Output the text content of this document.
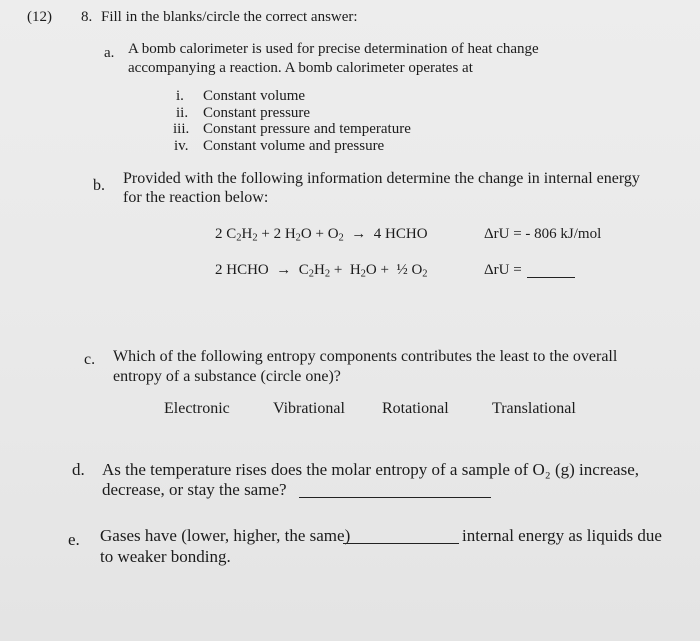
(12) 8. Fill in the blanks/circle the correct answer:
a. A bomb calorimeter is used for precise determination of heat change
accompanying a reaction. A bomb calorimeter operates at
i. Constant volume
ii. Constant pressure
iii. Constant pressure and temperature
iv. Constant volume and pressure
b. Provided with the following information determine the change in internal energy
for the reaction below:
2 $C_2H_2 + 2$ $H_2O + O_2 \to 4$ HCHO	ΔrU = - 806 kJ/mol
2 HCHO  →  $C_2H_2 + H_2O$ +  ½ $O_2$	ΔrU =
c. Which of the following entropy components contributes the least to the overall
entropy of a substance (circle one)?
Electronic	Vibrational Rotational	Translational
d. As the temperature rises does the molar entropy of a sample of O₂ (g) increase,
decrease, or stay the same?
e. Gases have (lower, higher, the same)	internal energy as liquids due
to weaker bonding.
